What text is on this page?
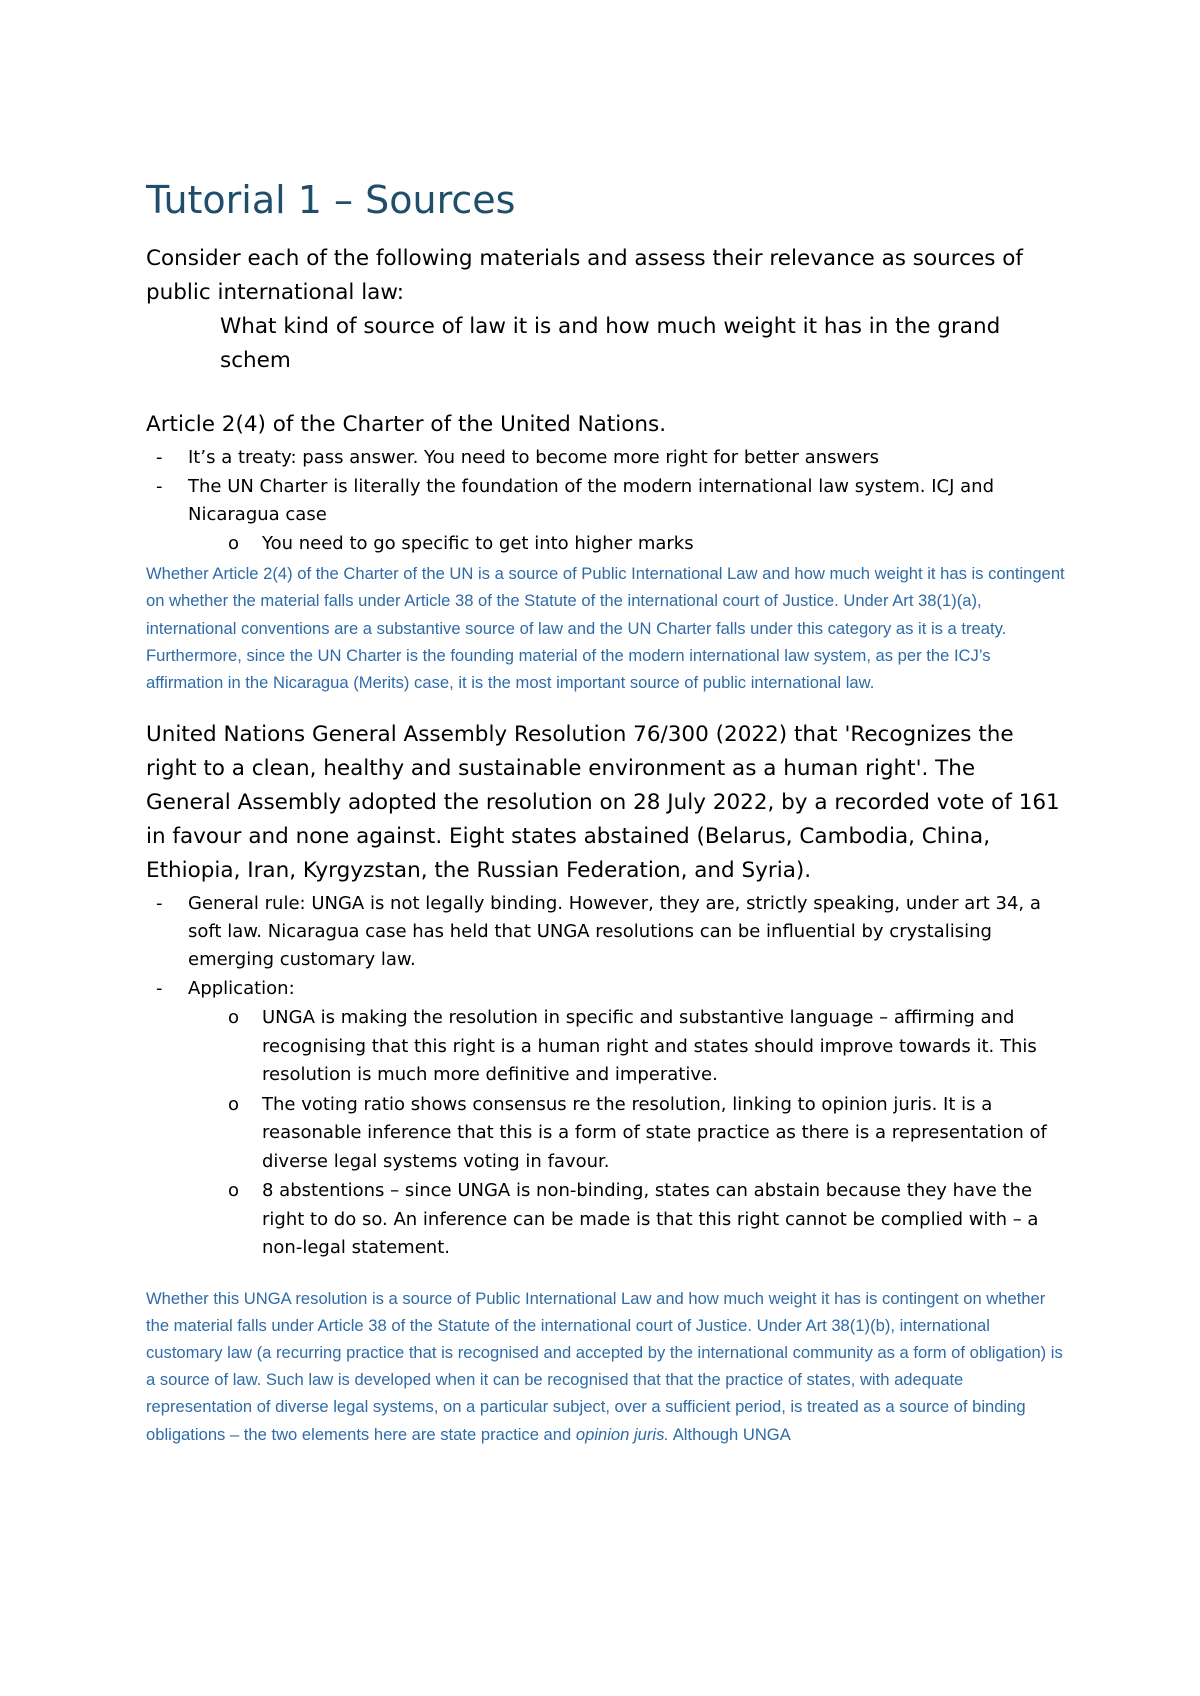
Tutorial 1 – Sources

Consider each of the following materials and assess their relevance as sources of public international law:

What kind of source of law it is and how much weight it has in the grand schem

Article 2(4) of the Charter of the United Nations.

- It’s a treaty: pass answer. You need to become more right for better answers
- The UN Charter is literally the foundation of the modern international law system. ICJ and Nicaragua case
o You need to go specific to get into higher marks

Whether Article 2(4) of the Charter of the UN is a source of Public International Law and how much weight it has is contingent on whether the material falls under Article 38 of the Statute of the international court of Justice. Under Art 38(1)(a), international conventions are a substantive source of law and the UN Charter falls under this category as it is a treaty. Furthermore, since the UN Charter is the founding material of the modern international law system, as per the ICJ’s affirmation in the Nicaragua (Merits) case, it is the most important source of public international law.

United Nations General Assembly Resolution 76/300 (2022) that 'Recognizes the right to a clean, healthy and sustainable environment as a human right'. The General Assembly adopted the resolution on 28 July 2022, by a recorded vote of 161 in favour and none against. Eight states abstained (Belarus, Cambodia, China, Ethiopia, Iran, Kyrgyzstan, the Russian Federation, and Syria).

- General rule: UNGA is not legally binding. However, they are, strictly speaking, under art 34, a soft law. Nicaragua case has held that UNGA resolutions can be influential by crystalising emerging customary law.
- Application:
o UNGA is making the resolution in specific and substantive language – affirming and recognising that this right is a human right and states should improve towards it. This resolution is much more definitive and imperative.
o The voting ratio shows consensus re the resolution, linking to opinion juris. It is a reasonable inference that this is a form of state practice as there is a representation of diverse legal systems voting in favour.
o 8 abstentions – since UNGA is non-binding, states can abstain because they have the right to do so. An inference can be made is that this right cannot be complied with – a non-legal statement.

Whether this UNGA resolution is a source of Public International Law and how much weight it has is contingent on whether the material falls under Article 38 of the Statute of the international court of Justice. Under Art 38(1)(b), international customary law (a recurring practice that is recognised and accepted by the international community as a form of obligation) is a source of law. Such law is developed when it can be recognised that that the practice of states, with adequate representation of diverse legal systems, on a particular subject, over a sufficient period, is treated as a source of binding obligations – the two elements here are state practice and opinion juris. Although UNGA
